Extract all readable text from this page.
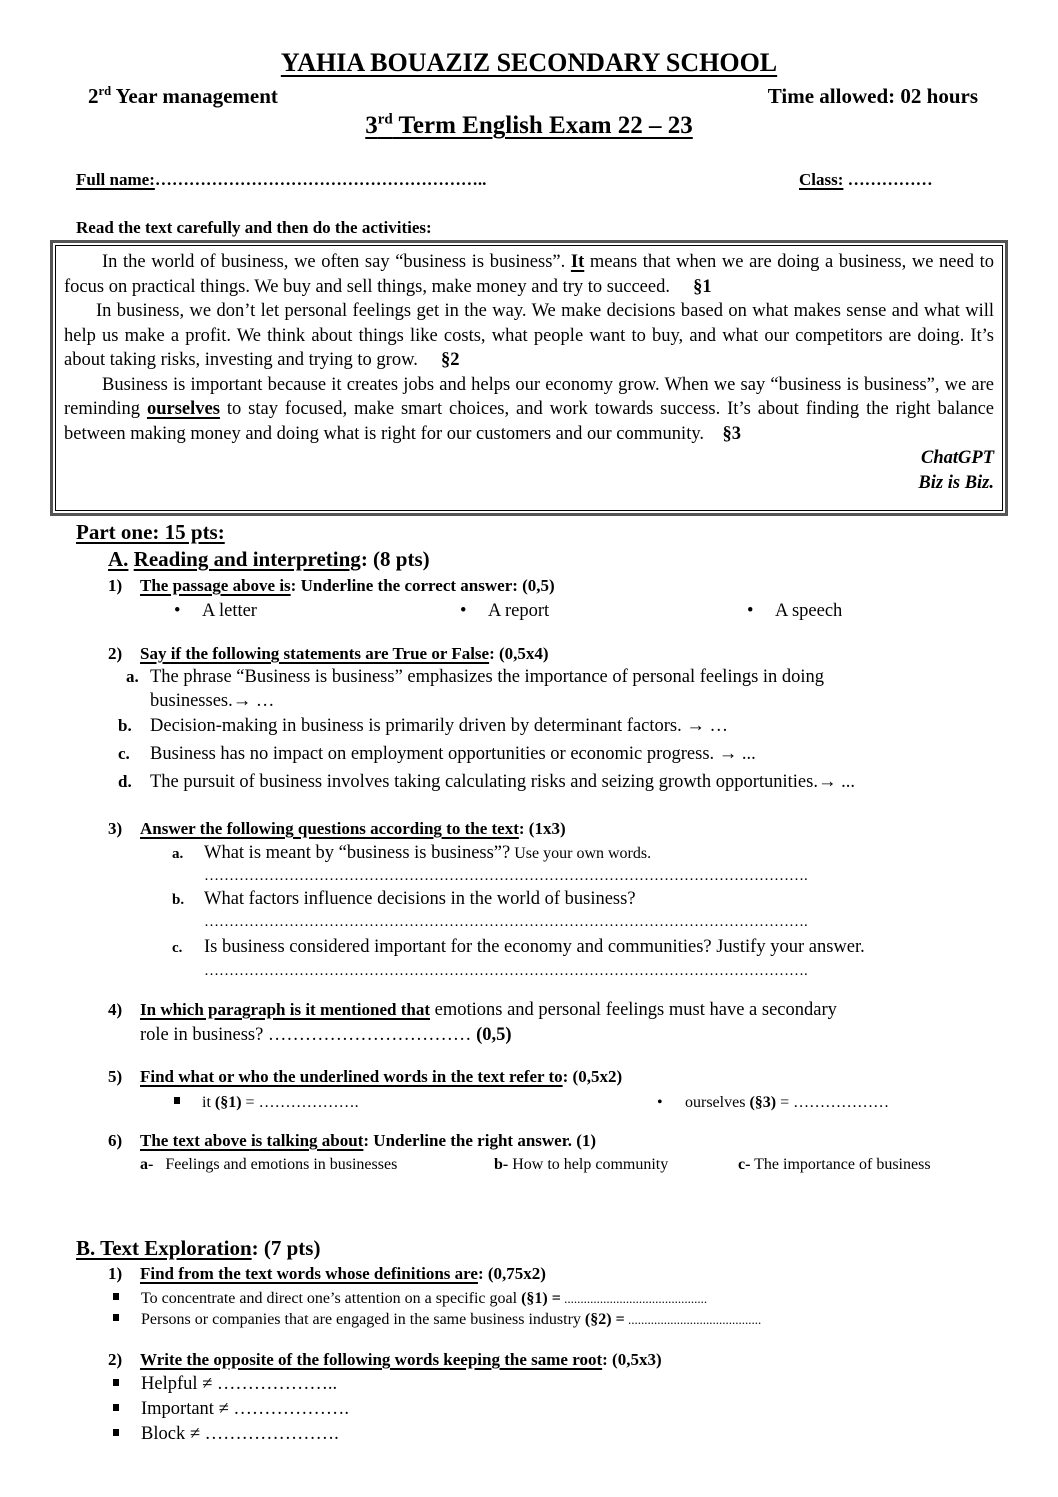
YAHIA BOUAZIZ SECONDARY SCHOOL
2rd Year management	Time allowed: 02 hours
3rd Term English Exam 22 – 23
Full name:…………………………………………………..	Class: ……………
Read the text carefully and then do the activities:

In the world of business, we often say “business is business”. It means that when we are doing a business, we need to focus on practical things. We buy and sell things, make money and try to succeed. §1

In business, we don’t let personal feelings get in the way. We make decisions based on what makes sense and what will help us make a profit. We think about things like costs, what people want to buy, and what our competitors are doing. It’s about taking risks, investing and trying to grow. §2

Business is important because it creates jobs and helps our economy grow. When we say “business is business”, we are reminding ourselves to stay focused, make smart choices, and work towards success. It’s about finding the right balance between making money and doing what is right for our customers and our community. §3

ChatGPT
Biz is Biz.
Part one: 15 pts:
A. Reading and interpreting: (8 pts)
1) The passage above is: Underline the correct answer: (0,5)
• A letter	• A report	• A speech
2) Say if the following statements are True or False: (0,5x4)
a. The phrase “Business is business” emphasizes the importance of personal feelings in doing
businesses.→ …
b. Decision-making in business is primarily driven by determinant factors. → …
c. Business has no impact on employment opportunities or economic progress. → ...
d. The pursuit of business involves taking calculating risks and seizing growth opportunities.→ ...
3) Answer the following questions according to the text: (1x3)
a. What is meant by “business is business”? Use your own words.
………………………………………………………………………………………………………….
b. What factors influence decisions in the world of business?
………………………………………………………………………………………………………….
c. Is business considered important for the economy and communities? Justify your answer.
………………………………………………………………………………………………………….
4) In which paragraph is it mentioned that emotions and personal feelings must have a secondary
role in business? …………………………… (0,5)
5) Find what or who the underlined words in the text refer to: (0,5x2)
it (§1) = ……………….	• ourselves (§3) = ………………
6) The text above is talking about: Underline the right answer. (1)
a- Feelings and emotions in businesses	b- How to help community	c- The importance of business
B. Text Exploration: (7 pts)
1) Find from the text words whose definitions are: (0,75x2)
To concentrate and direct one’s attention on a specific goal (§1) = ............................................
Persons or companies that are engaged in the same business industry (§2) = .........................................
2) Write the opposite of the following words keeping the same root: (0,5x3)
Helpful ≠ ………………..
Important ≠ ……………….
Block ≠ ………………….
